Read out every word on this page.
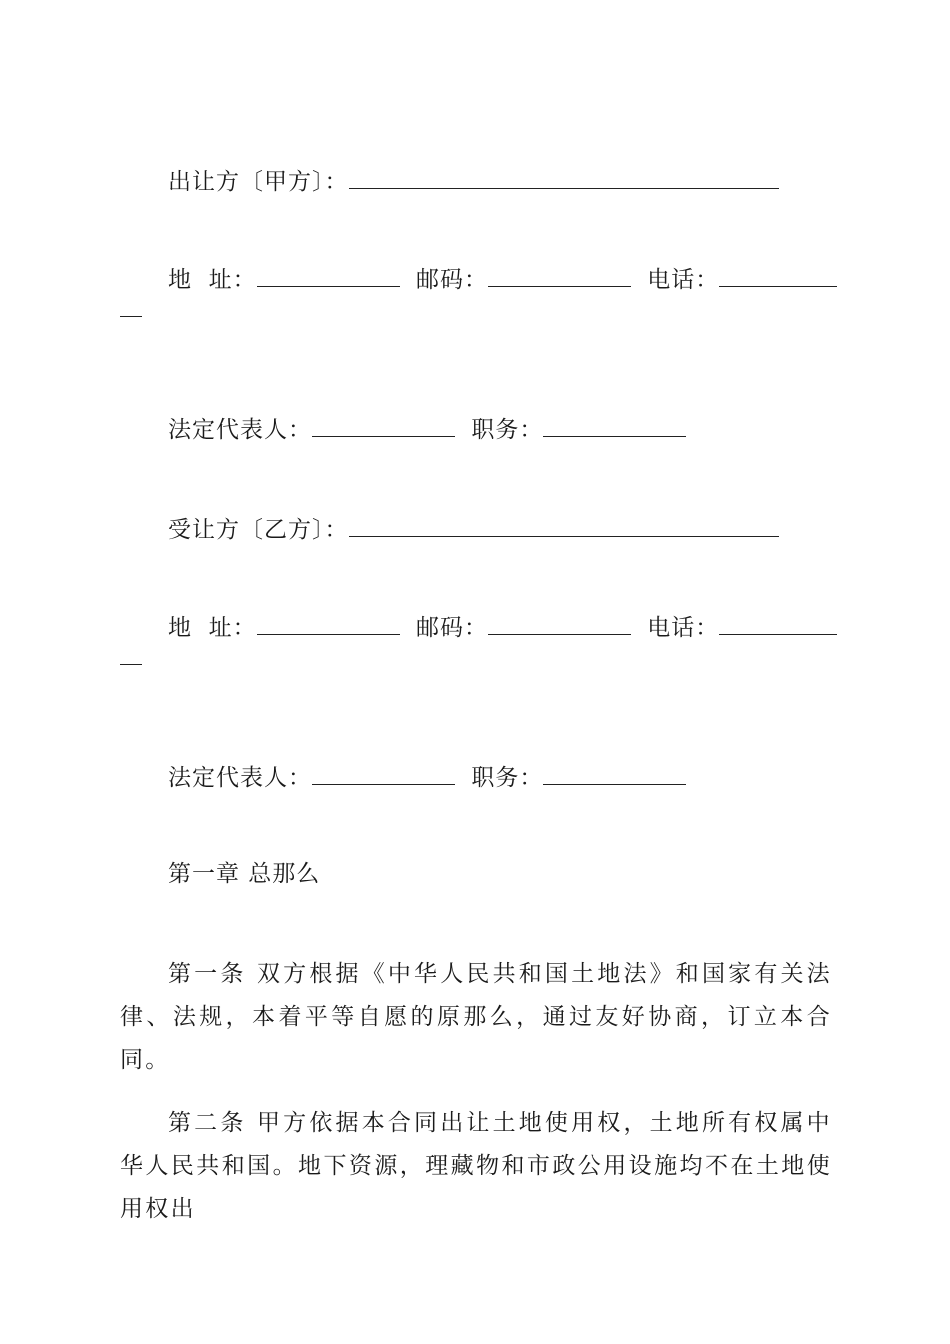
出让方〔甲方〕：
地  址：	邮码：	电话：
法定代表人：	职务：
受让方〔乙方〕：
地  址：	邮码：	电话：
法定代表人：	职务：
第一章 总那么
第一条 双方根据《中华人民共和国土地法》和国家有关法律、法规，本着平等自愿的原那么，通过友好协商，订立本合同。
第二条 甲方依据本合同出让土地使用权，土地所有权属中华人民共和国。地下资源，理藏物和市政公用设施均不在土地使用权出
